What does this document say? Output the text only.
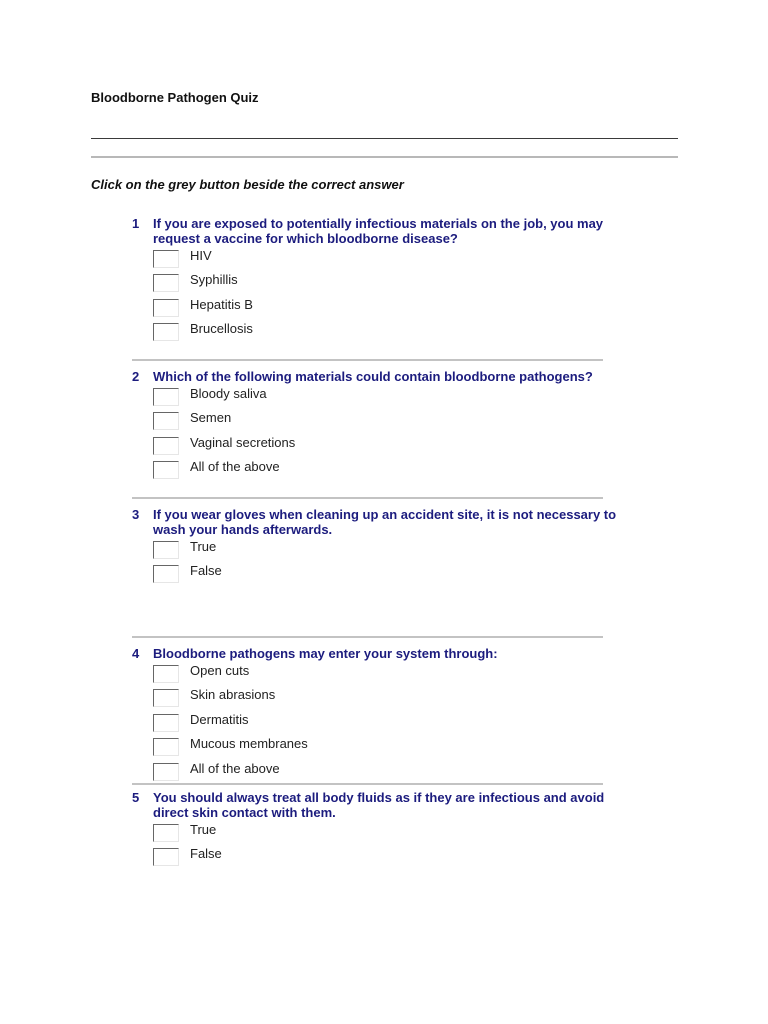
Bloodborne Pathogen Quiz
Click on the grey button beside the correct answer
1	If you are exposed to potentially infectious materials on the job, you may request a vaccine for which bloodborne disease?
HIV
Syphillis
Hepatitis B
Brucellosis
2	Which of the following materials could contain bloodborne pathogens?
Bloody saliva
Semen
Vaginal secretions
All of the above
3	If you wear gloves when cleaning up an accident site, it is not necessary to wash your hands afterwards.
True
False
4	Bloodborne pathogens may enter your system through:
Open cuts
Skin abrasions
Dermatitis
Mucous membranes
All of the above
5	You should always treat all body fluids as if they are infectious and avoid direct skin contact with them.
True
False
